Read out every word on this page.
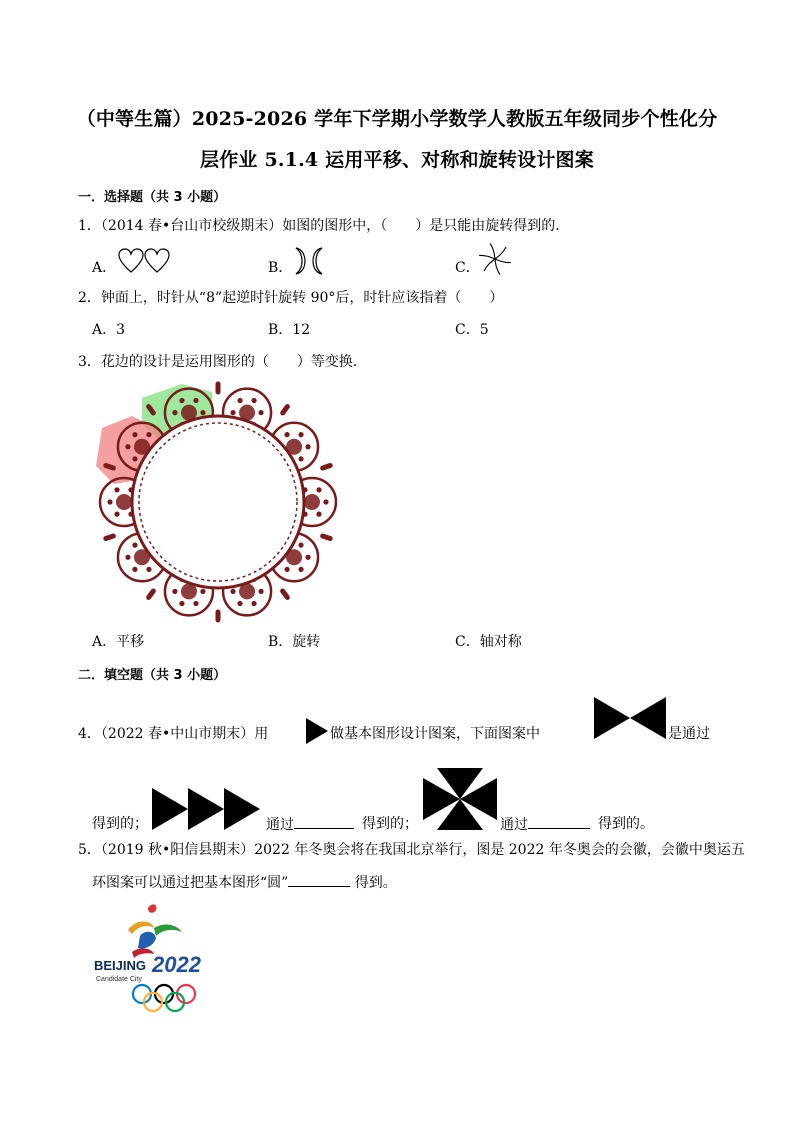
（中等生篇）2025-2026 学年下学期小学数学人教版五年级同步个性化分
层作业 5.1.4 运用平移、对称和旋转设计图案
一．选择题（共 3 小题）
1．（2014 春•台山市校级期末）如图的图形中，（　　）是只能由旋转得到的．
A．	B．	C．
2．钟面上，时针从“8”起逆时针旋转 90°后，时针应该指着（　　）
A．3	B．12	C．5
3．花边的设计是运用图形的（　　）等变换．
A．平移	B．旋转	C．轴对称
二．填空题（共 3 小题）
4．（2022 春•中山市期末）用	做基本图形设计图案，下面图案中	是通过
得到的；	通过	得到的；	通过	得到的。
5．（2019 秋•阳信县期末）2022 年冬奥会将在我国北京举行，图是 2022 年冬奥会的会徽，会徽中奥运五
环图案可以通过把基本图形“圆”	得到。
BEIJING 2022
Candidate City
